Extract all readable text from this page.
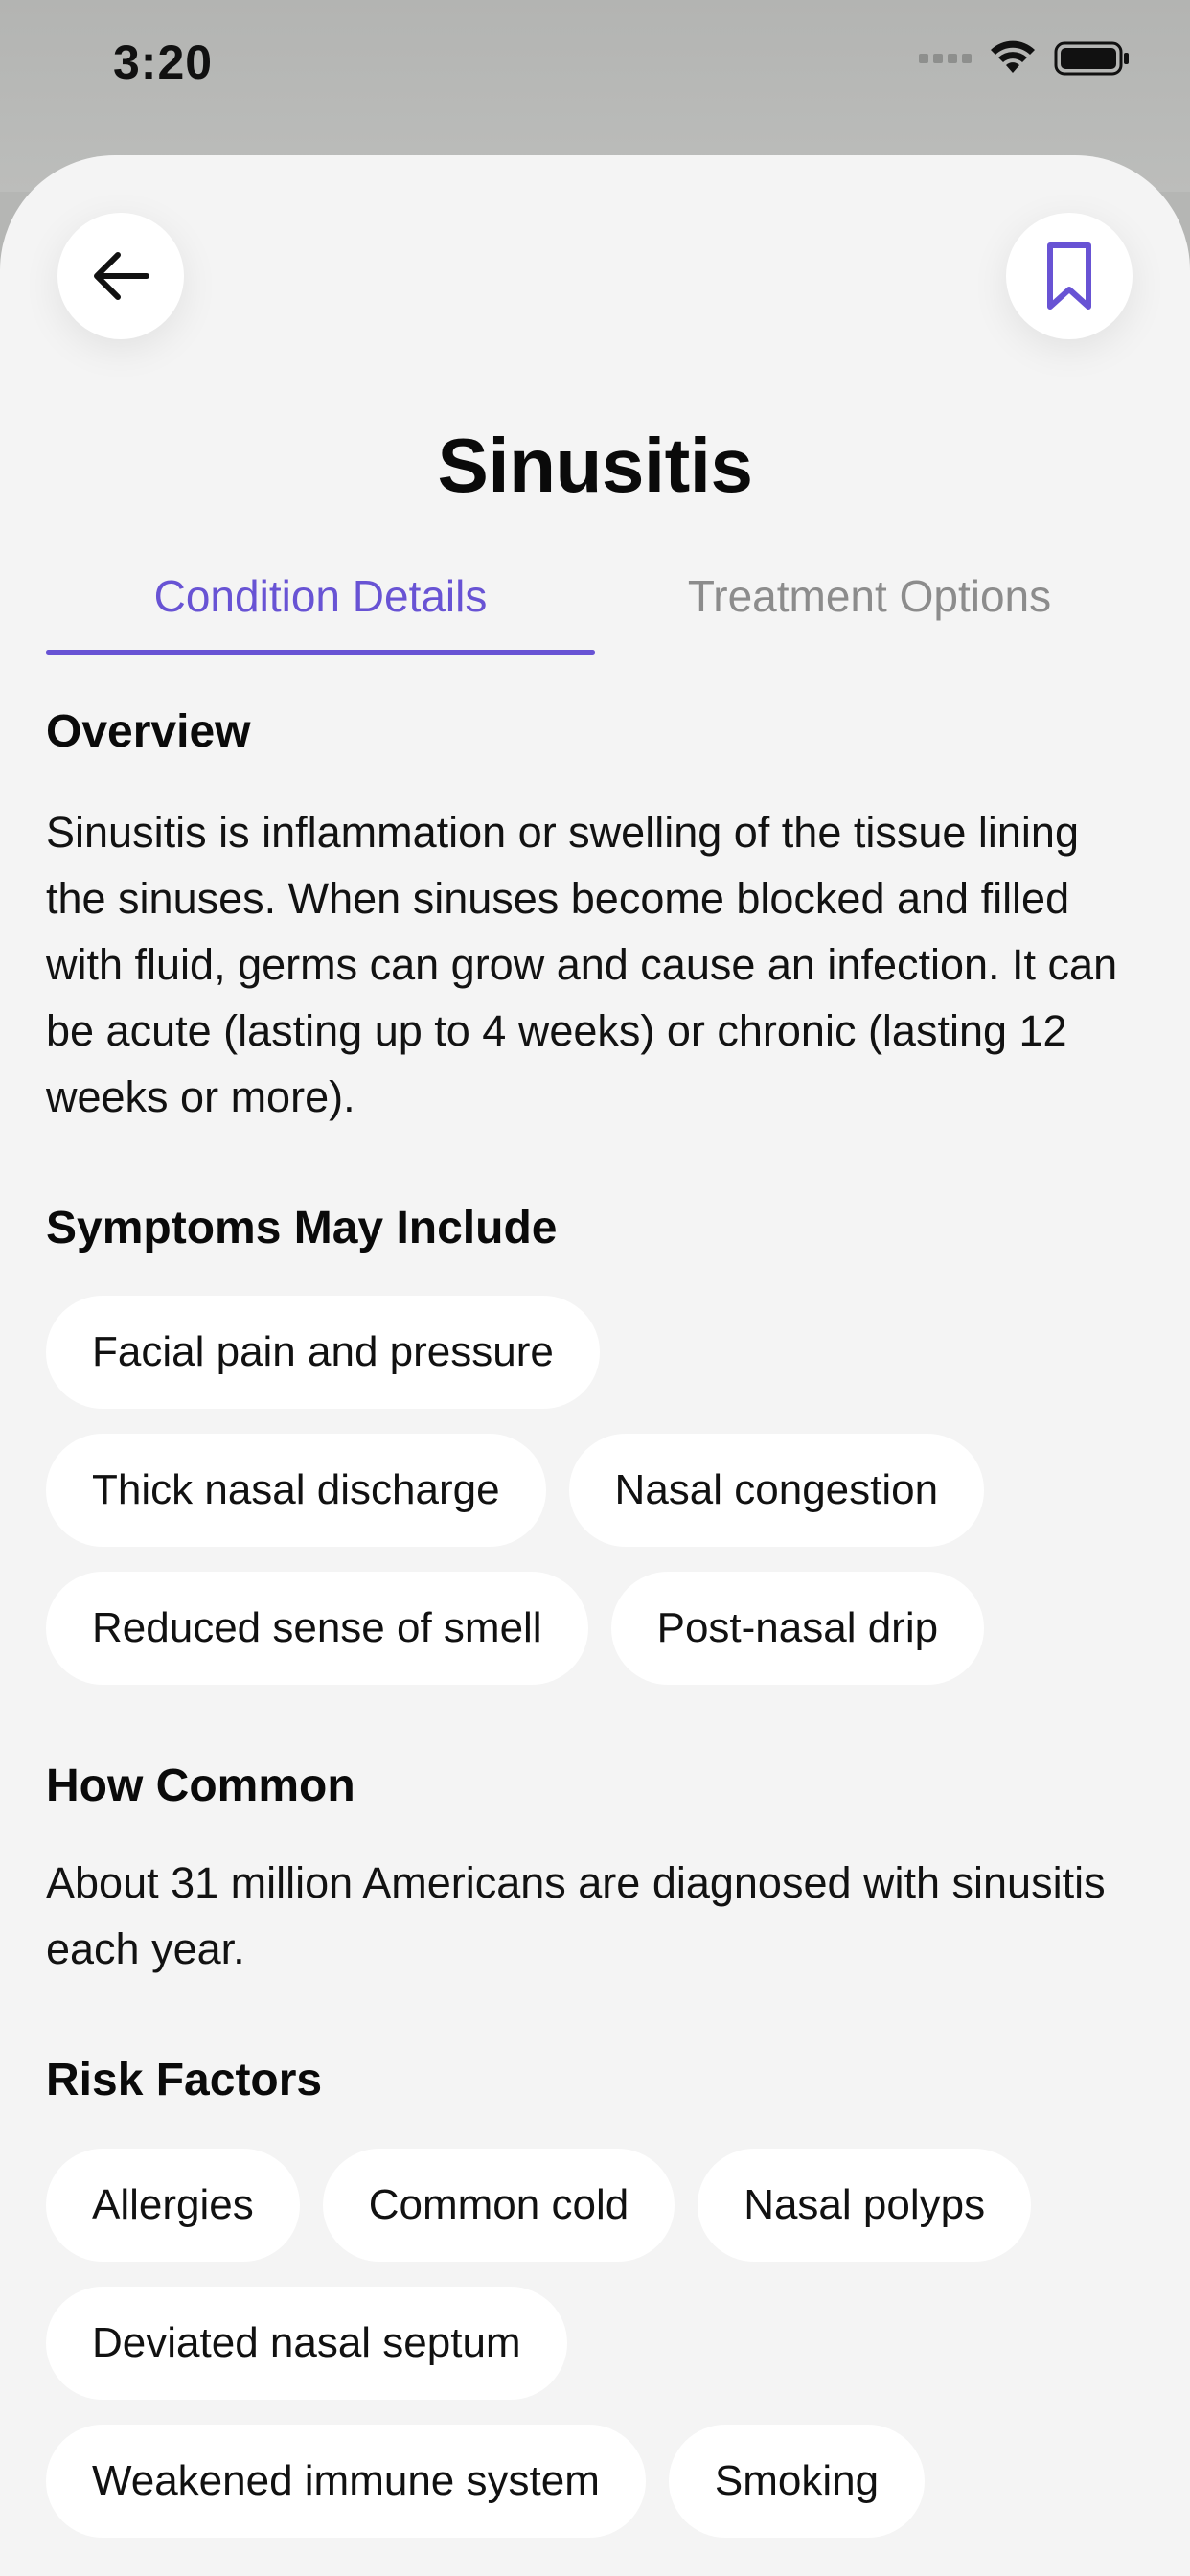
3:20
Sinusitis
Condition Details	Treatment Options
Overview
Sinusitis is inflammation or swelling of the tissue lining the sinuses. When sinuses become blocked and filled with fluid, germs can grow and cause an infection. It can be acute (lasting up to 4 weeks) or chronic (lasting 12 weeks or more).
Symptoms May Include
Facial pain and pressure
Thick nasal discharge	Nasal congestion
Reduced sense of smell	Post-nasal drip
How Common
About 31 million Americans are diagnosed with sinusitis each year.
Risk Factors
Allergies	Common cold	Nasal polyps
Deviated nasal septum
Weakened immune system	Smoking
